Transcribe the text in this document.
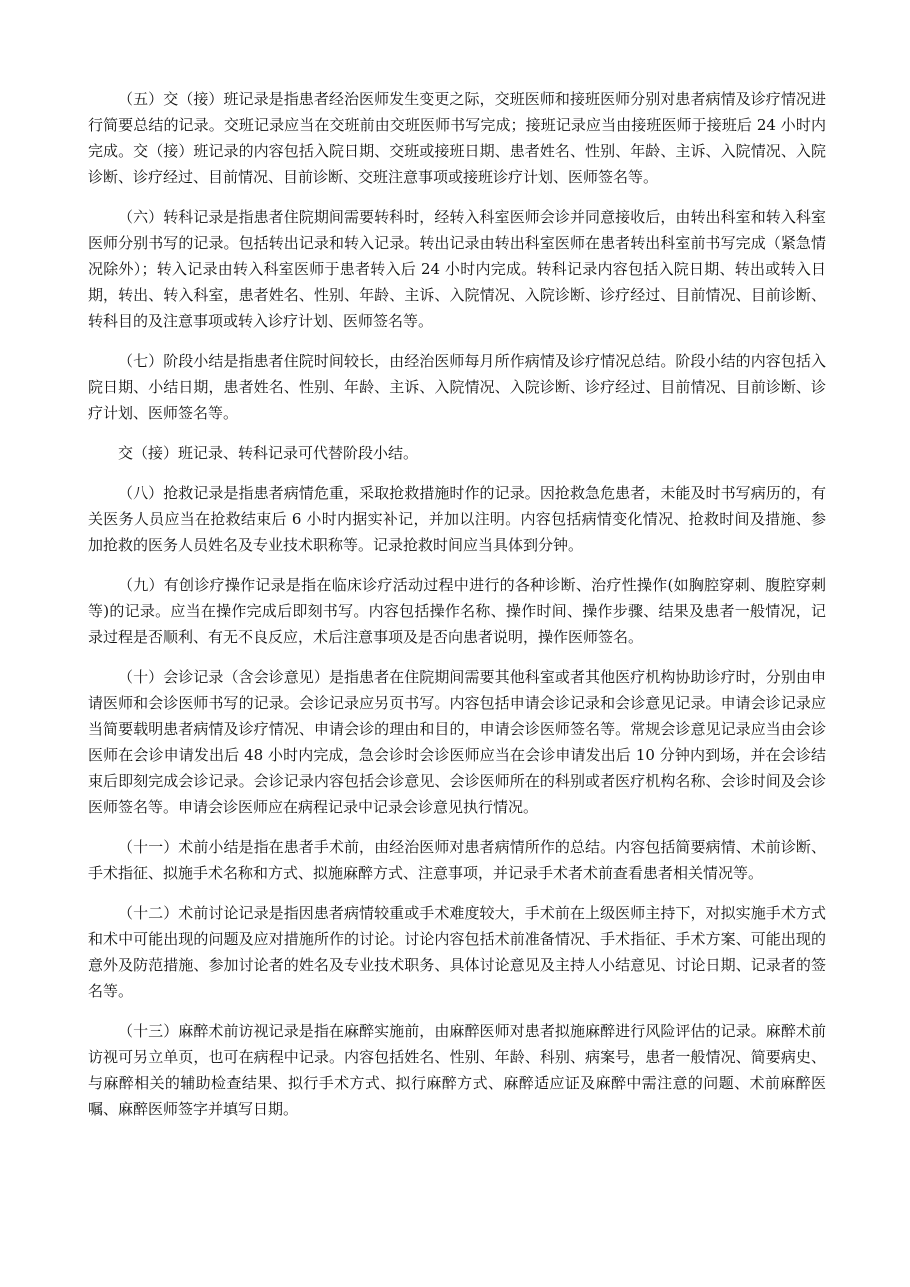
（五）交（接）班记录是指患者经治医师发生变更之际，交班医师和接班医师分别对患者病情及诊疗情况进行简要总结的记录。交班记录应当在交班前由交班医师书写完成；接班记录应当由接班医师于接班后 24 小时内完成。交（接）班记录的内容包括入院日期、交班或接班日期、患者姓名、性别、年龄、主诉、入院情况、入院诊断、诊疗经过、目前情况、目前诊断、交班注意事项或接班诊疗计划、医师签名等。

（六）转科记录是指患者住院期间需要转科时，经转入科室医师会诊并同意接收后，由转出科室和转入科室医师分别书写的记录。包括转出记录和转入记录。转出记录由转出科室医师在患者转出科室前书写完成（紧急情况除外）；转入记录由转入科室医师于患者转入后 24 小时内完成。转科记录内容包括入院日期、转出或转入日期，转出、转入科室，患者姓名、性别、年龄、主诉、入院情况、入院诊断、诊疗经过、目前情况、目前诊断、转科目的及注意事项或转入诊疗计划、医师签名等。

（七）阶段小结是指患者住院时间较长，由经治医师每月所作病情及诊疗情况总结。阶段小结的内容包括入院日期、小结日期，患者姓名、性别、年龄、主诉、入院情况、入院诊断、诊疗经过、目前情况、目前诊断、诊疗计划、医师签名等。

交（接）班记录、转科记录可代替阶段小结。

（八）抢救记录是指患者病情危重，采取抢救措施时作的记录。因抢救急危患者，未能及时书写病历的，有关医务人员应当在抢救结束后 6 小时内据实补记，并加以注明。内容包括病情变化情况、抢救时间及措施、参加抢救的医务人员姓名及专业技术职称等。记录抢救时间应当具体到分钟。

（九）有创诊疗操作记录是指在临床诊疗活动过程中进行的各种诊断、治疗性操作(如胸腔穿刺、腹腔穿刺等)的记录。应当在操作完成后即刻书写。内容包括操作名称、操作时间、操作步骤、结果及患者一般情况，记录过程是否顺利、有无不良反应，术后注意事项及是否向患者说明，操作医师签名。

（十）会诊记录（含会诊意见）是指患者在住院期间需要其他科室或者其他医疗机构协助诊疗时，分别由申请医师和会诊医师书写的记录。会诊记录应另页书写。内容包括申请会诊记录和会诊意见记录。申请会诊记录应当简要载明患者病情及诊疗情况、申请会诊的理由和目的，申请会诊医师签名等。常规会诊意见记录应当由会诊医师在会诊申请发出后 48 小时内完成，急会诊时会诊医师应当在会诊申请发出后 10 分钟内到场，并在会诊结束后即刻完成会诊记录。会诊记录内容包括会诊意见、会诊医师所在的科别或者医疗机构名称、会诊时间及会诊医师签名等。申请会诊医师应在病程记录中记录会诊意见执行情况。

（十一）术前小结是指在患者手术前，由经治医师对患者病情所作的总结。内容包括简要病情、术前诊断、手术指征、拟施手术名称和方式、拟施麻醉方式、注意事项，并记录手术者术前查看患者相关情况等。

（十二）术前讨论记录是指因患者病情较重或手术难度较大，手术前在上级医师主持下，对拟实施手术方式和术中可能出现的问题及应对措施所作的讨论。讨论内容包括术前准备情况、手术指征、手术方案、可能出现的意外及防范措施、参加讨论者的姓名及专业技术职务、具体讨论意见及主持人小结意见、讨论日期、记录者的签名等。

（十三）麻醉术前访视记录是指在麻醉实施前，由麻醉医师对患者拟施麻醉进行风险评估的记录。麻醉术前访视可另立单页，也可在病程中记录。内容包括姓名、性别、年龄、科别、病案号，患者一般情况、简要病史、与麻醉相关的辅助检查结果、拟行手术方式、拟行麻醉方式、麻醉适应证及麻醉中需注意的问题、术前麻醉医嘱、麻醉医师签字并填写日期。
